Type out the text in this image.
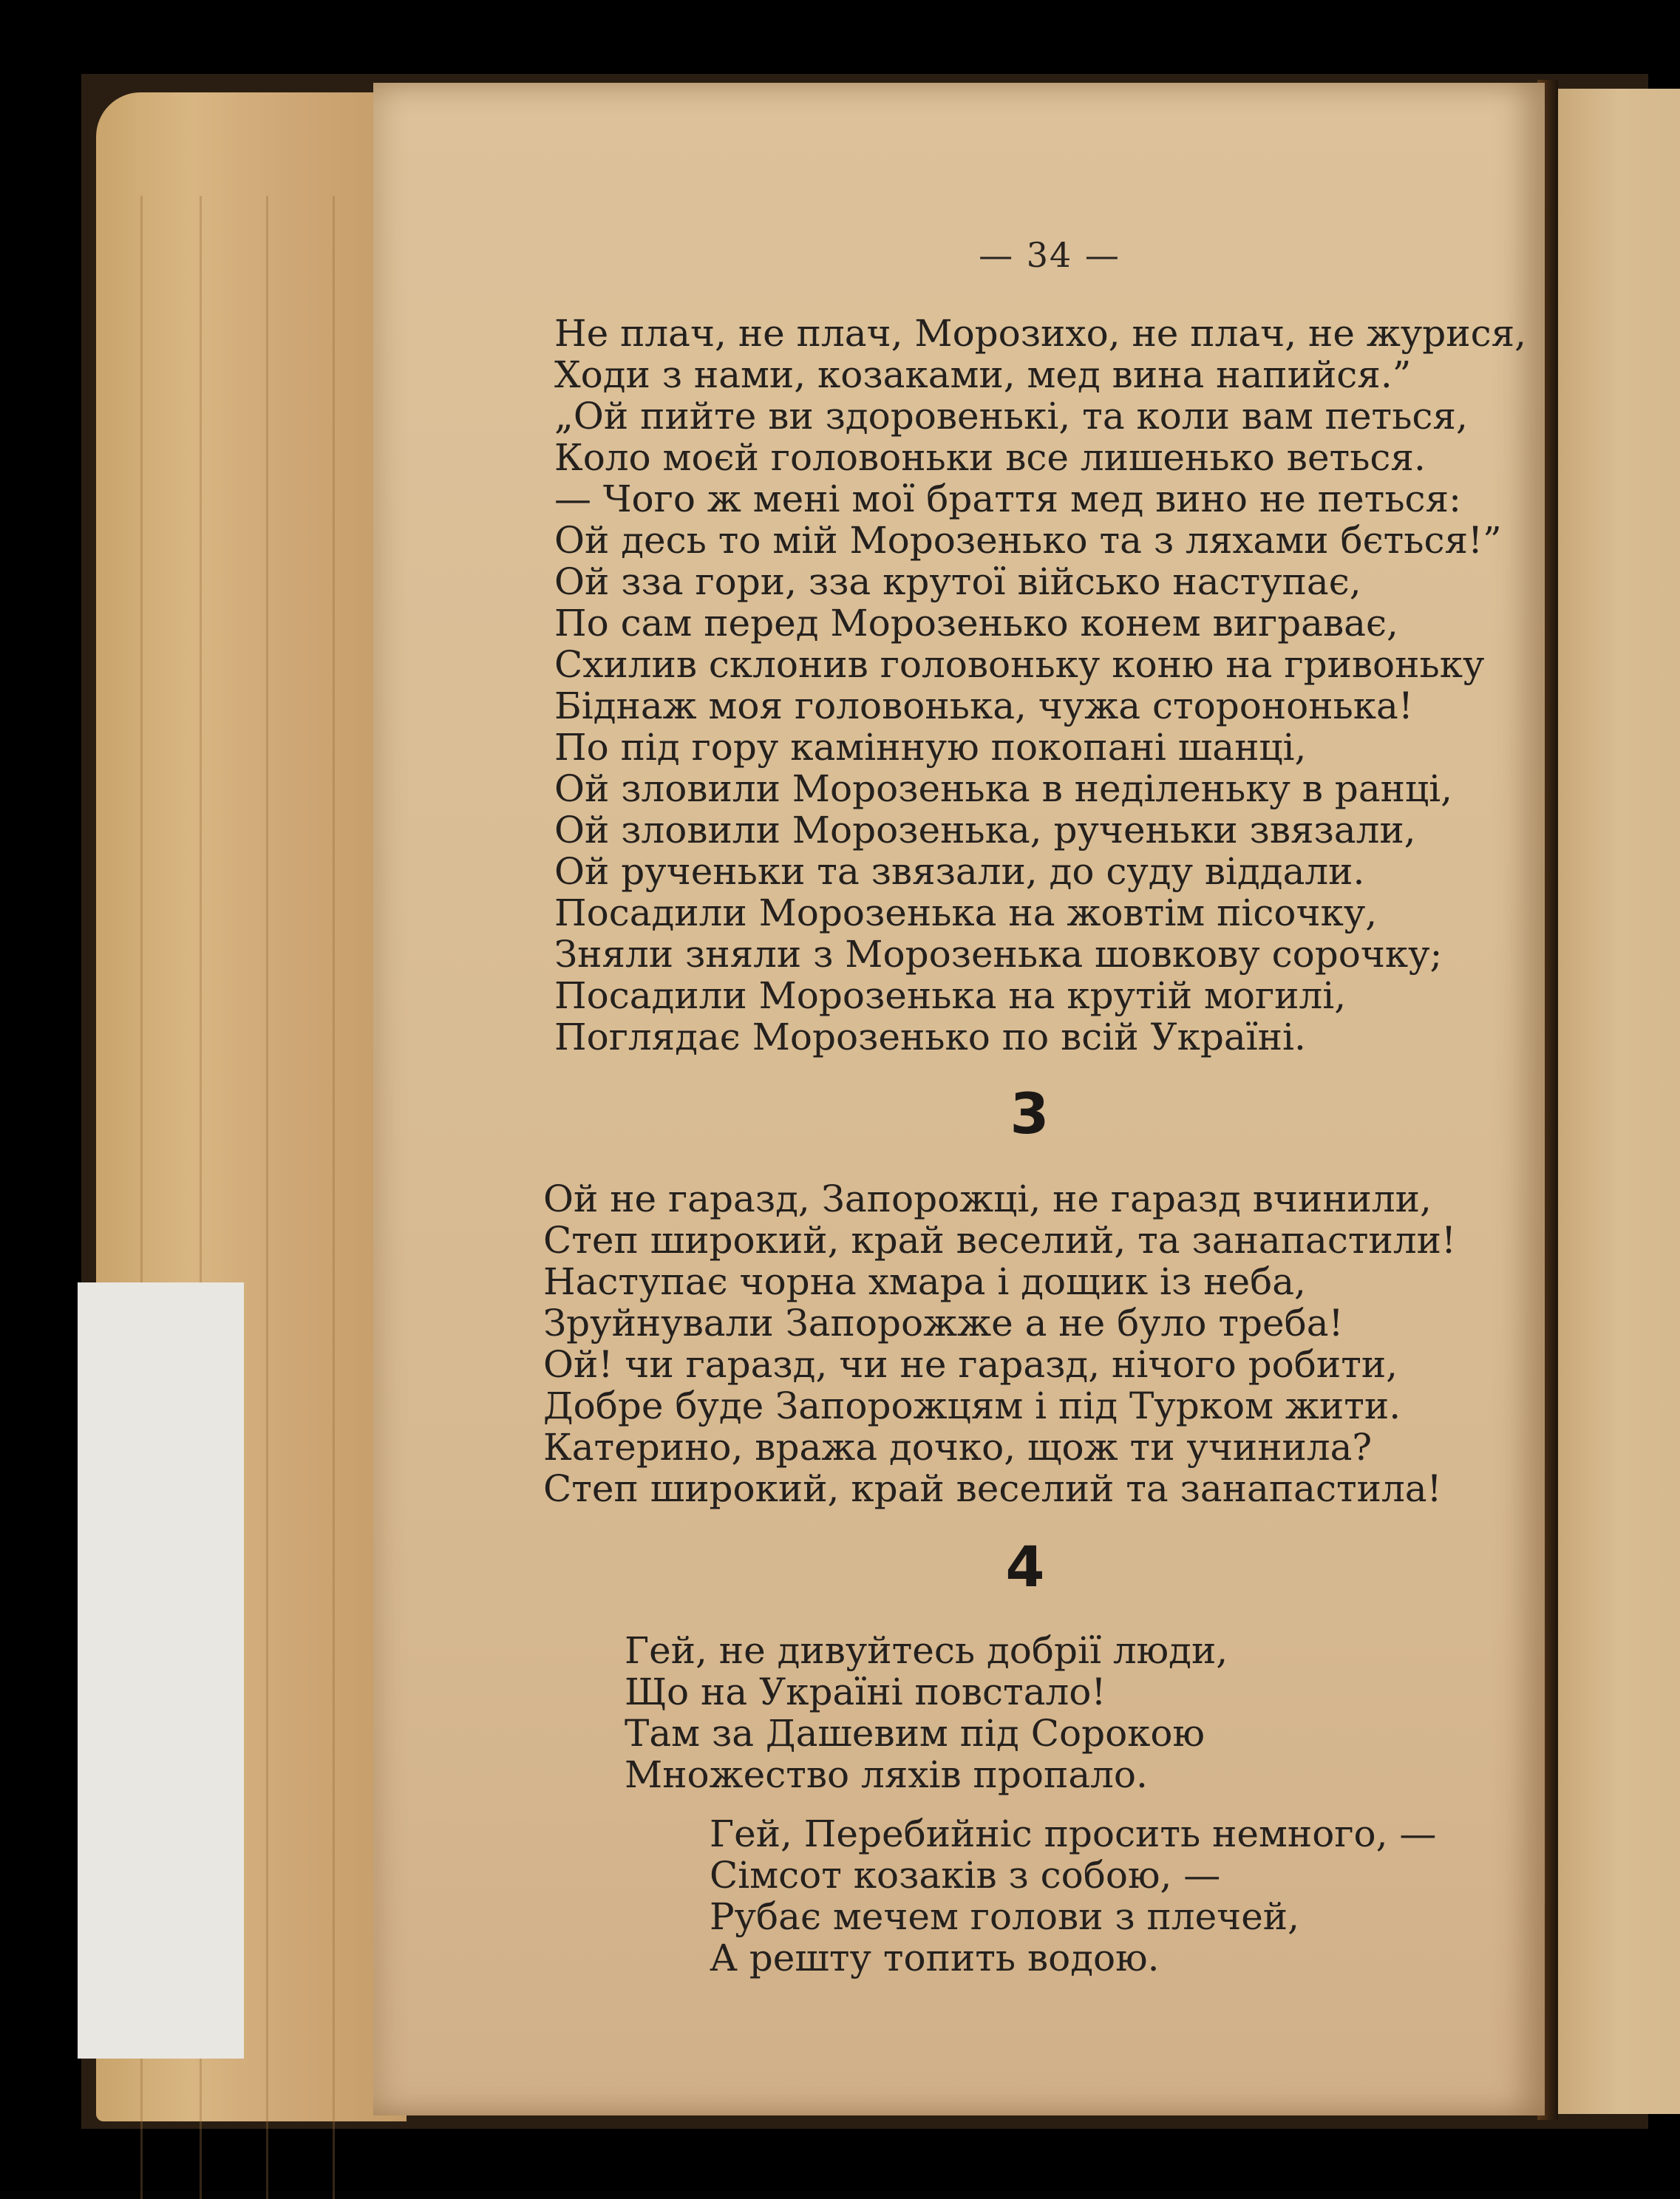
— 34 —
Не плач, не плач, Морозихо, не плач, не журися,
Ходи з нами, козаками, мед вина напийся.”
„Ой пийте ви здоровенькі, та коли вам петься,
Коло моєй головоньки все лишенько веться.
— Чого ж мені мої браття мед вино не петься:
Ой десь то мій Морозенько та з ляхами бється!”
Ой зза гори, зза крутої військо наступає,
По сам перед Морозенько конем виграває,
Схилив склонив головоньку коню на гривоньку
Біднаж моя головонька, чужа сторононька!
По під гору камінную покопані шанці,
Ой зловили Морозенька в неділеньку в ранці,
Ой зловили Морозенька, рученьки звязали,
Ой рученьки та звязали, до суду віддали.
Посадили Морозенька на жовтім пісочку,
Зняли зняли з Морозенька шовкову сорочку;
Посадили Морозенька на крутій могилі,
Поглядає Морозенько по всій Україні.
3
Ой не гаразд, Запорожці, не гаразд вчинили,
Степ широкий, край веселий, та занапастили!
Наступає чорна хмара і дощик із неба,
Зруйнували Запорожже а не було треба!
Ой! чи гаразд, чи не гаразд, нічого робити,
Добре буде Запорожцям і під Турком жити.
Катерино, вража дочко, щож ти учинила?
Степ широкий, край веселий та занапастила!
4
Гей, не дивуйтесь добрії люди,
Що на Україні повстало!
Там за Дашевим під Сорокою
Множество ляхів пропало.
Гей, Перебийніс просить немного, —
Сімсот козаків з собою, —
Рубає мечем голови з плечей,
А решту топить водою.
